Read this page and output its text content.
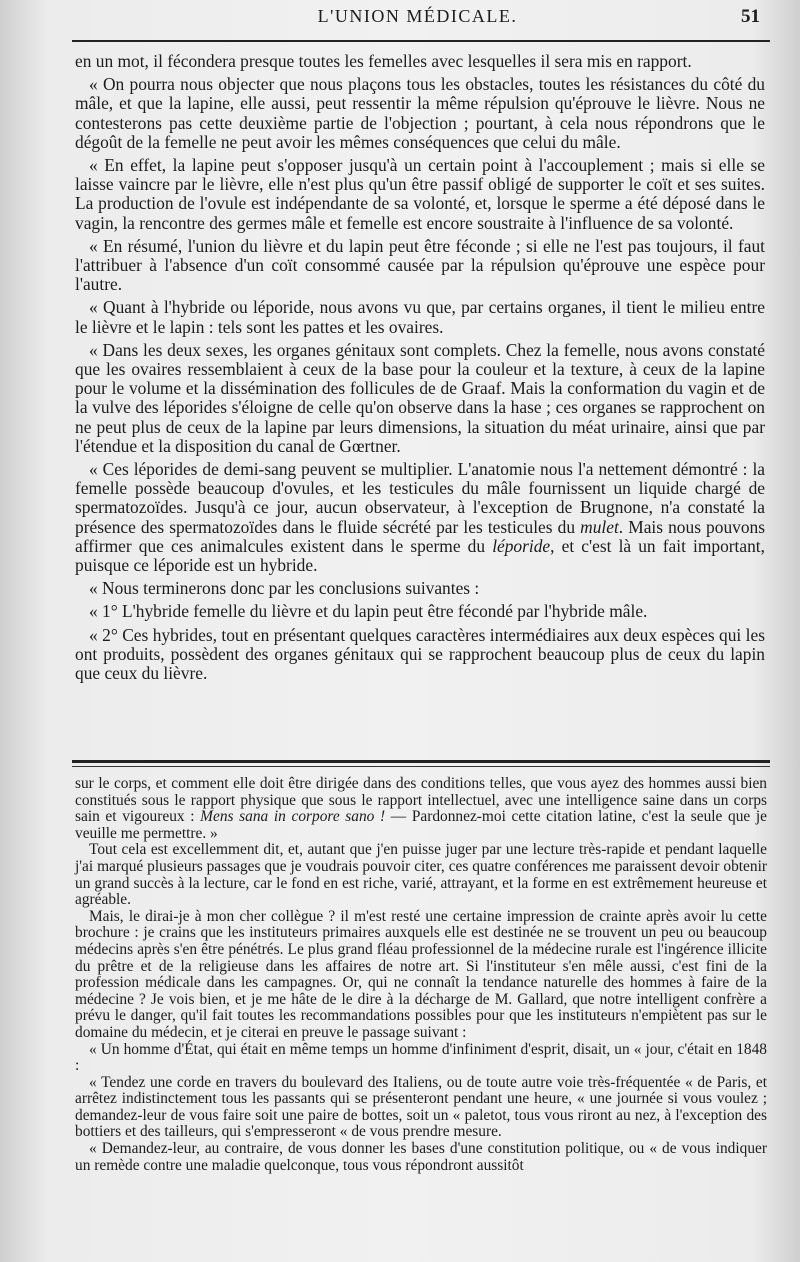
L'UNION MÉDICALE.	51

en un mot, il fécondera presque toutes les femelles avec lesquelles il sera mis en rapport.

« On pourra nous objecter que nous plaçons tous les obstacles, toutes les résistances du côté du mâle, et que la lapine, elle aussi, peut ressentir la même répulsion qu'éprouve le lièvre. Nous ne contesterons pas cette deuxième partie de l'objection ; pourtant, à cela nous répondrons que le dégoût de la femelle ne peut avoir les mêmes conséquences que celui du mâle.

« En effet, la lapine peut s'opposer jusqu'à un certain point à l'accouplement ; mais si elle se laisse vaincre par le lièvre, elle n'est plus qu'un être passif obligé de supporter le coït et ses suites. La production de l'ovule est indépendante de sa volonté, et, lorsque le sperme a été déposé dans le vagin, la rencontre des germes mâle et femelle est encore soustraite à l'influence de sa volonté.

« En résumé, l'union du lièvre et du lapin peut être féconde ; si elle ne l'est pas toujours, il faut l'attribuer à l'absence d'un coït consommé causée par la répulsion qu'éprouve une espèce pour l'autre.

« Quant à l'hybride ou léporide, nous avons vu que, par certains organes, il tient le milieu entre le lièvre et le lapin : tels sont les pattes et les ovaires.

« Dans les deux sexes, les organes génitaux sont complets. Chez la femelle, nous avons constaté que les ovaires ressemblaient à ceux de la base pour la couleur et la texture, à ceux de la lapine pour le volume et la dissémination des follicules de de Graaf. Mais la conformation du vagin et de la vulve des léporides s'éloigne de celle qu'on observe dans la hase ; ces organes se rapprochent on ne peut plus de ceux de la lapine par leurs dimensions, la situation du méat urinaire, ainsi que par l'étendue et la disposition du canal de Gœrtner.

« Ces léporides de demi-sang peuvent se multiplier. L'anatomie nous l'a nettement démontré : la femelle possède beaucoup d'ovules, et les testicules du mâle fournissent un liquide chargé de spermatozoïdes. Jusqu'à ce jour, aucun observateur, à l'exception de Brugnone, n'a constaté la présence des spermatozoïdes dans le fluide sécrété par les testicules du mulet. Mais nous pouvons affirmer que ces animalcules existent dans le sperme du léporide, et c'est là un fait important, puisque ce léporide est un hybride.

« Nous terminerons donc par les conclusions suivantes :

« 1° L'hybride femelle du lièvre et du lapin peut être fécondé par l'hybride mâle.

« 2° Ces hybrides, tout en présentant quelques caractères intermédiaires aux deux espèces qui les ont produits, possèdent des organes génitaux qui se rapprochent beaucoup plus de ceux du lapin que ceux du lièvre.

sur le corps, et comment elle doit être dirigée dans des conditions telles, que vous ayez des hommes aussi bien constitués sous le rapport physique que sous le rapport intellectuel, avec une intelligence saine dans un corps sain et vigoureux : Mens sana in corpore sano ! — Pardonnez-moi cette citation latine, c'est la seule que je veuille me permettre. »

Tout cela est excellemment dit, et, autant que j'en puisse juger par une lecture très-rapide et pendant laquelle j'ai marqué plusieurs passages que je voudrais pouvoir citer, ces quatre conférences me paraissent devoir obtenir un grand succès à la lecture, car le fond en est riche, varié, attrayant, et la forme en est extrêmement heureuse et agréable.

Mais, le dirai-je à mon cher collègue ? il m'est resté une certaine impression de crainte après avoir lu cette brochure : je crains que les instituteurs primaires auxquels elle est destinée ne se trouvent un peu ou beaucoup médecins après s'en être pénétrés. Le plus grand fléau professionnel de la médecine rurale est l'ingérence illicite du prêtre et de la religieuse dans les affaires de notre art. Si l'instituteur s'en mêle aussi, c'est fini de la profession médicale dans les campagnes. Or, qui ne connaît la tendance naturelle des hommes à faire de la médecine ? Je vois bien, et je me hâte de le dire à la décharge de M. Gallard, que notre intelligent confrère a prévu le danger, qu'il fait toutes les recommandations possibles pour que les instituteurs n'empiètent pas sur le domaine du médecin, et je citerai en preuve le passage suivant :

« Un homme d'État, qui était en même temps un homme d'infiniment d'esprit, disait, un « jour, c'était en 1848 :

« Tendez une corde en travers du boulevard des Italiens, ou de toute autre voie très-fréquentée « de Paris, et arrêtez indistinctement tous les passants qui se présenteront pendant une heure, « une journée si vous voulez ; demandez-leur de vous faire soit une paire de bottes, soit un « paletot, tous vous riront au nez, à l'exception des bottiers et des tailleurs, qui s'empresseront « de vous prendre mesure.

« Demandez-leur, au contraire, de vous donner les bases d'une constitution politique, ou « de vous indiquer un remède contre une maladie quelconque, tous vous répondront aussitôt
